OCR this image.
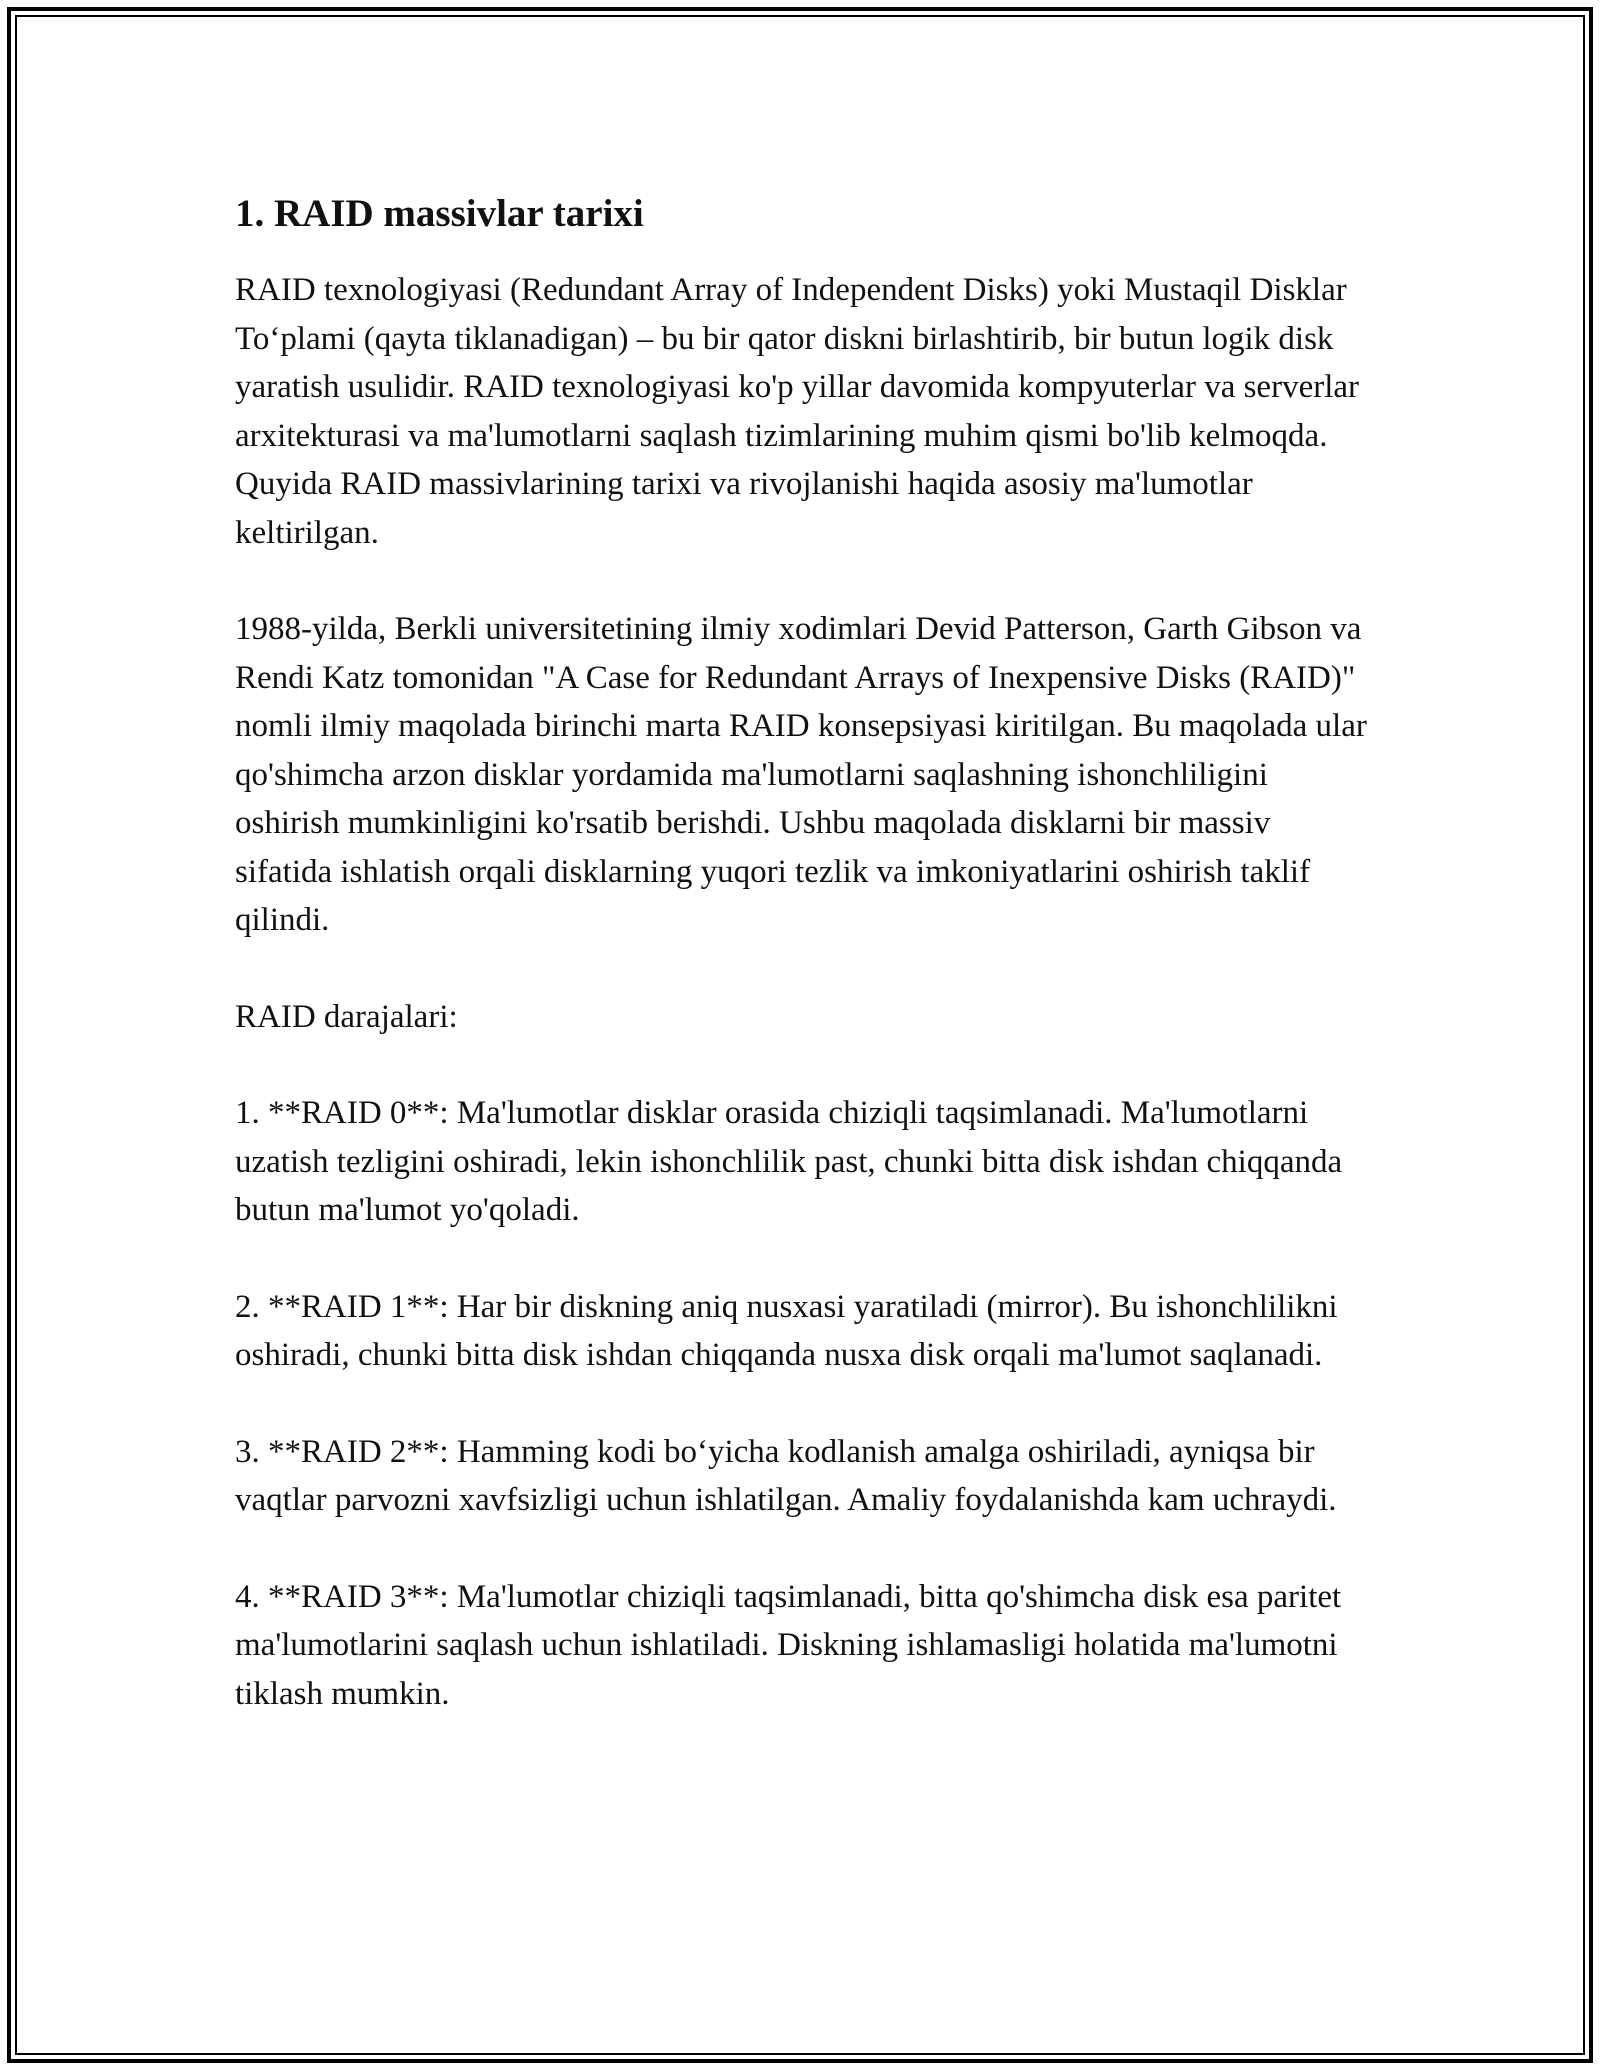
1. RAID massivlar tarixi

RAID texnologiyasi (Redundant Array of Independent Disks) yoki Mustaqil Disklar To‘plami (qayta tiklanadigan) – bu bir qator diskni birlashtirib, bir butun logik disk yaratish usulidir. RAID texnologiyasi ko'p yillar davomida kompyuterlar va serverlar arxitekturasi va ma'lumotlarni saqlash tizimlarining muhim qismi bo'lib kelmoqda. Quyida RAID massivlarining tarixi va rivojlanishi haqida asosiy ma'lumotlar keltirilgan.

1988-yilda, Berkli universitetining ilmiy xodimlari Devid Patterson, Garth Gibson va Rendi Katz tomonidan "A Case for Redundant Arrays of Inexpensive Disks (RAID)" nomli ilmiy maqolada birinchi marta RAID konsepsiyasi kiritilgan. Bu maqolada ular qo'shimcha arzon disklar yordamida ma'lumotlarni saqlashning ishonchliligini oshirish mumkinligini ko'rsatib berishdi. Ushbu maqolada disklarni bir massiv sifatida ishlatish orqali disklarning yuqori tezlik va imkoniyatlarini oshirish taklif qilindi.

RAID darajalari:

1. **RAID 0**: Ma'lumotlar disklar orasida chiziqli taqsimlanadi. Ma'lumotlarni uzatish tezligini oshiradi, lekin ishonchlilik past, chunki bitta disk ishdan chiqqanda butun ma'lumot yo'qoladi.

2. **RAID 1**: Har bir diskning aniq nusxasi yaratiladi (mirror). Bu ishonchlilikni oshiradi, chunki bitta disk ishdan chiqqanda nusxa disk orqali ma'lumot saqlanadi.

3. **RAID 2**: Hamming kodi bo‘yicha kodlanish amalga oshiriladi, ayniqsa bir vaqtlar parvozni xavfsizligi uchun ishlatilgan. Amaliy foydalanishda kam uchraydi.

4. **RAID 3**: Ma'lumotlar chiziqli taqsimlanadi, bitta qo'shimcha disk esa paritet ma'lumotlarini saqlash uchun ishlatiladi. Diskning ishlamasligi holatida ma'lumotni tiklash mumkin.
